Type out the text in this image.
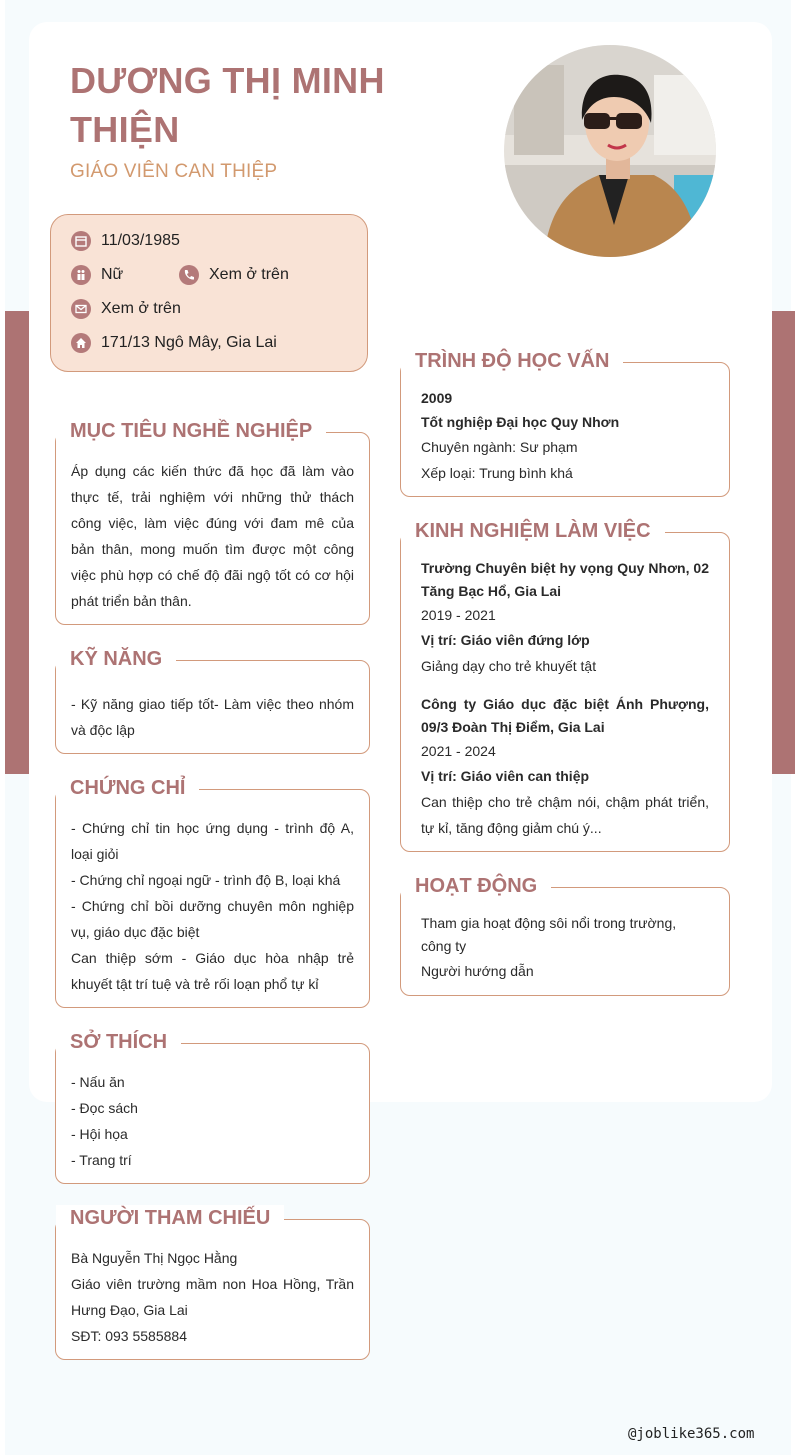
DƯƠNG THỊ MINH THIỆN
GIÁO VIÊN CAN THIỆP
11/03/1985
Nữ	Xem ở trên
Xem ở trên
171/13 Ngô Mây, Gia Lai
MỤC TIÊU NGHỀ NGHIỆP
Áp dụng các kiến thức đã học đã làm vào thực tế, trải nghiệm với những thử thách công việc, làm việc đúng với đam mê của bản thân, mong muốn tìm được một công việc phù hợp có chế độ đãi ngộ tốt có cơ hội phát triển bản thân.
KỸ NĂNG
- Kỹ năng giao tiếp tốt- Làm việc theo nhóm và độc lập
CHỨNG CHỈ
- Chứng chỉ tin học ứng dụng - trình độ A, loại giỏi
- Chứng chỉ ngoại ngữ - trình độ B, loại khá
- Chứng chỉ bồi dưỡng chuyên môn nghiệp vụ, giáo dục đặc biệt
Can thiệp sớm - Giáo dục hòa nhập trẻ khuyết tật trí tuệ và trẻ rối loạn phổ tự kỉ
SỞ THÍCH
- Nấu ăn
- Đọc sách
- Hội họa
- Trang trí
NGƯỜI THAM CHIẾU
Bà Nguyễn Thị Ngọc Hằng
Giáo viên trường mầm non Hoa Hồng, Trần Hưng Đạo, Gia Lai
SĐT: 093 5585884
TRÌNH ĐỘ HỌC VẤN
2009
Tốt nghiệp Đại học Quy Nhơn
Chuyên ngành: Sư phạm
Xếp loại: Trung bình khá
KINH NGHIỆM LÀM VIỆC
Trường Chuyên biệt hy vọng Quy Nhơn, 02 Tăng Bạc Hổ, Gia Lai
2019 - 2021
Vị trí: Giáo viên đứng lớp
Giảng dạy cho trẻ khuyết tật
Công ty Giáo dục đặc biệt Ánh Phượng, 09/3 Đoàn Thị Điểm, Gia Lai
2021 - 2024
Vị trí: Giáo viên can thiệp
Can thiệp cho trẻ chậm nói, chậm phát triển, tự kỉ, tăng động giảm chú ý...
HOẠT ĐỘNG
Tham gia hoạt động sôi nổi trong trường, công ty
Người hướng dẫn
@joblike365.com
